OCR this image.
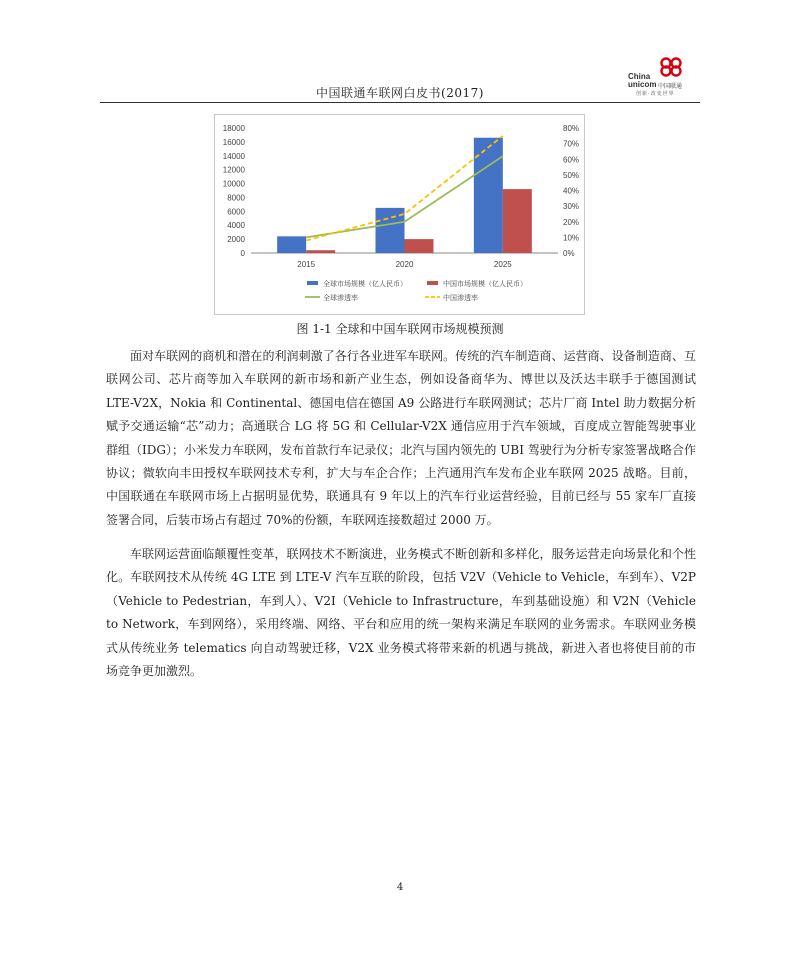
中国联通车联网白皮书(2017)
China
unicom 中国联通
创新·改变世界
0
2000
4000
6000
8000
10000
12000
14000
16000
18000
0%
10%
20%
30%
40%
50%
60%
70%
80%
2015	2020	2025
全球市场规模（亿人民币）	中国市场规模（亿人民币）
全球渗透率	中国渗透率
图 1-1 全球和中国车联网市场规模预测

面对车联网的商机和潜在的利润刺激了各行各业进军车联网。传统的汽车制造商、运营商、设备制造商、互联网公司、芯片商等加入车联网的新市场和新产业生态，例如设备商华为、博世以及沃达丰联手于德国测试 LTE-V2X，Nokia 和 Continental、德国电信在德国 A9 公路进行车联网测试；芯片厂商 Intel 助力数据分析赋予交通运输“芯”动力；高通联合 LG 将 5G 和 Cellular-V2X 通信应用于汽车领域，百度成立智能驾驶事业群组（IDG）；小米发力车联网，发布首款行车记录仪；北汽与国内领先的 UBI 驾驶行为分析专家签署战略合作协议；微软向丰田授权车联网技术专利，扩大与车企合作；上汽通用汽车发布企业车联网 2025 战略。目前，中国联通在车联网市场上占据明显优势，联通具有 9 年以上的汽车行业运营经验，目前已经与 55 家车厂直接签署合同，后装市场占有超过 70%的份额，车联网连接数超过 2000 万。

车联网运营面临颠覆性变革，联网技术不断演进，业务模式不断创新和多样化，服务运营走向场景化和个性化。车联网技术从传统 4G LTE 到 LTE-V 汽车互联的阶段，包括 V2V（Vehicle to Vehicle，车到车）、V2P（Vehicle to Pedestrian，车到人）、V2I（Vehicle to Infrastructure，车到基础设施）和 V2N（Vehicle to Network，车到网络），采用终端、网络、平台和应用的统一架构来满足车联网的业务需求。车联网业务模式从传统业务 telematics 向自动驾驶迁移，V2X 业务模式将带来新的机遇与挑战，新进入者也将使目前的市场竞争更加激烈。

4
